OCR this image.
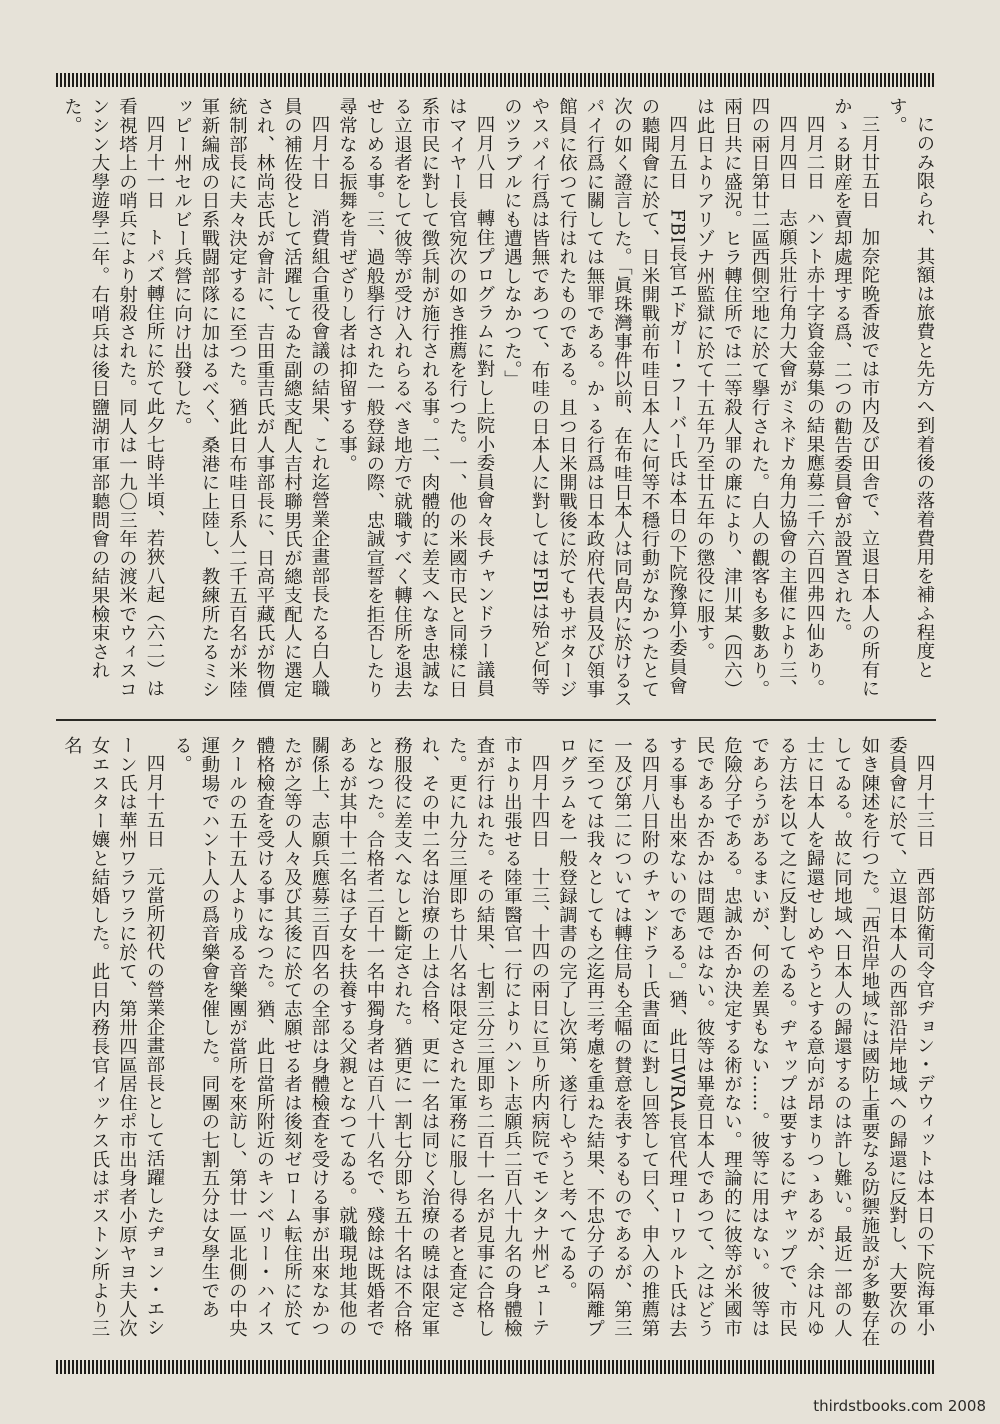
にのみ限られ、其額は旅費と先方へ到着後の落着費用を補ふ程度とす。

三月廿五日　加奈陀晩香波では市内及び田舎で、立退日本人の所有にかゝる財産を賣却處理する爲、二つの勸告委員會が設置された。

四月二日　ハント赤十字資金募集の結果應募二千六百四弗四仙あり。

四月四日　志願兵壯行角力大會がミネドカ角力協會の主催により三、四の兩日第廿二區西側空地に於て擧行された。白人の觀客も多數あり。兩日共に盛況。ヒラ轉住所では二等殺人罪の廉により、津川某（四六）は此日よりアリゾナ州監獄に於て十五年乃至廿五年の懲役に服す。

四月五日　FBI長官エドガー・フーバー氏は本日の下院豫算小委員會の聽聞會に於て、日米開戰前布哇日本人に何等不穩行動がなかつたとて次の如く證言した。「眞珠灣事件以前、在布哇日本人は同島内に於けるスパイ行爲に關しては無罪である。かゝる行爲は日本政府代表員及び領事館員に依つて行はれたものである。且つ日米開戰後に於てもサボタージやスパイ行爲は皆無であつて、布哇の日本人に對してはFBIは殆ど何等のツラブルにも遭遇しなかつた。」

四月八日　轉住プログラムに對し上院小委員會々長チャンドラー議員はマイヤー長官宛次の如き推薦を行つた。一、他の米國市民と同樣に日系市民に對して徴兵制が施行される事。二、肉體的に差支へなき忠誠なる立退者をして彼等が受け入れらるべき地方で就職すべく轉住所を退去せしめる事。三、過般擧行された一般登録の際、忠誠宣誓を拒否したり尋常なる振舞を肯ぜざりし者は抑留する事。

四月十日　消費組合重役會議の結果、これ迄營業企畫部長たる白人職員の補佐役として活躍してゐた副總支配人吉村聯男氏が總支配人に選定され、林尚志氏が會計に、吉田重吉氏が人事部長に、日高平藏氏が物價統制部長に夫々決定するに至つた。猶此日布哇日系人二千五百名が米陸軍新編成の日系戰闘部隊に加はるべく、桑港に上陸し、教練所たるミシッピー州セルビー兵營に向け出發した。

四月十一日　トパズ轉住所に於て此夕七時半頃、若狹八起（六二）は看視塔上の哨兵により射殺された。同人は一九〇三年の渡米でウィスコンシン大學遊學二年。右哨兵は後日鹽湖市軍部聽問會の結果檢束された。

四月十三日　西部防衛司令官ヂョン・デウィットは本日の下院海軍小委員會に於て、立退日本人の西部沿岸地域への歸還に反對し、大要次の如き陳述を行つた。「西沿岸地域には國防上重要なる防禦施設が多數存在してゐる。故に同地域へ日本人の歸還するのは許し難い。最近一部の人士に日本人を歸還せしめやうとする意向が昂まりつゝあるが、余は凡ゆる方法を以て之に反對してゐる。ヂャップは要するにヂャップで、市民であらうがあるまいが、何の差異もない……。彼等に用はない。彼等は危險分子である。忠誠か否か決定する術がない。理論的に彼等が米國市民であるか否かは問題ではない。彼等は畢竟日本人であつて、之はどうする事も出來ないのである。」猶、此日WRA長官代理ローワルト氏は去る四月八日附のチャンドラー氏書面に對し回答して曰く、申入の推薦第一及び第二については轉住局も全幅の賛意を表するものであるが、第三に至つては我々としても之迄再三考慮を重ねた結果、不忠分子の隔離プログラムを一般登録調書の完了し次第、遂行しやうと考へてゐる。

四月十四日　十三、十四の兩日に亘り所内病院でモンタナ州ビューテ市より出張せる陸軍醫官一行によりハント志願兵二百八十九名の身體檢査が行はれた。その結果、七割三分三厘即ち二百十一名が見事に合格した。更に九分三厘即ち廿八名は限定された軍務に服し得る者と査定され、その中二名は治療の上は合格、更に一名は同じく治療の曉は限定軍務服役に差支へなしと斷定された。猶更に一割七分即ち五十名は不合格となつた。合格者二百十一名中獨身者は百八十八名で、殘餘は既婚者であるが其中十二名は子女を扶養する父親となつてゐる。就職現地其他の關係上、志願兵應募三百四名の全部は身體檢査を受ける事が出來なかつたが之等の人々及び其後に於て志願せる者は後刻ゼローム転住所に於て體格檢査を受ける事になつた。猶、此日當所附近のキンベリー・ハイスクールの五十五人より成る音樂團が當所を來訪し、第廿一區北側の中央運動場でハント人の爲音樂會を催した。同團の七割五分は女學生である。

四月十五日　元當所初代の營業企畫部長として活躍したヂョン・エシーン氏は華州ワラワラに於て、第卅四區居住ポ市出身者小原ヤヨ夫人次女エスター孃と結婚した。此日内務長官イッケス氏はボストン所より三名

thirdstbooks.com 2008
